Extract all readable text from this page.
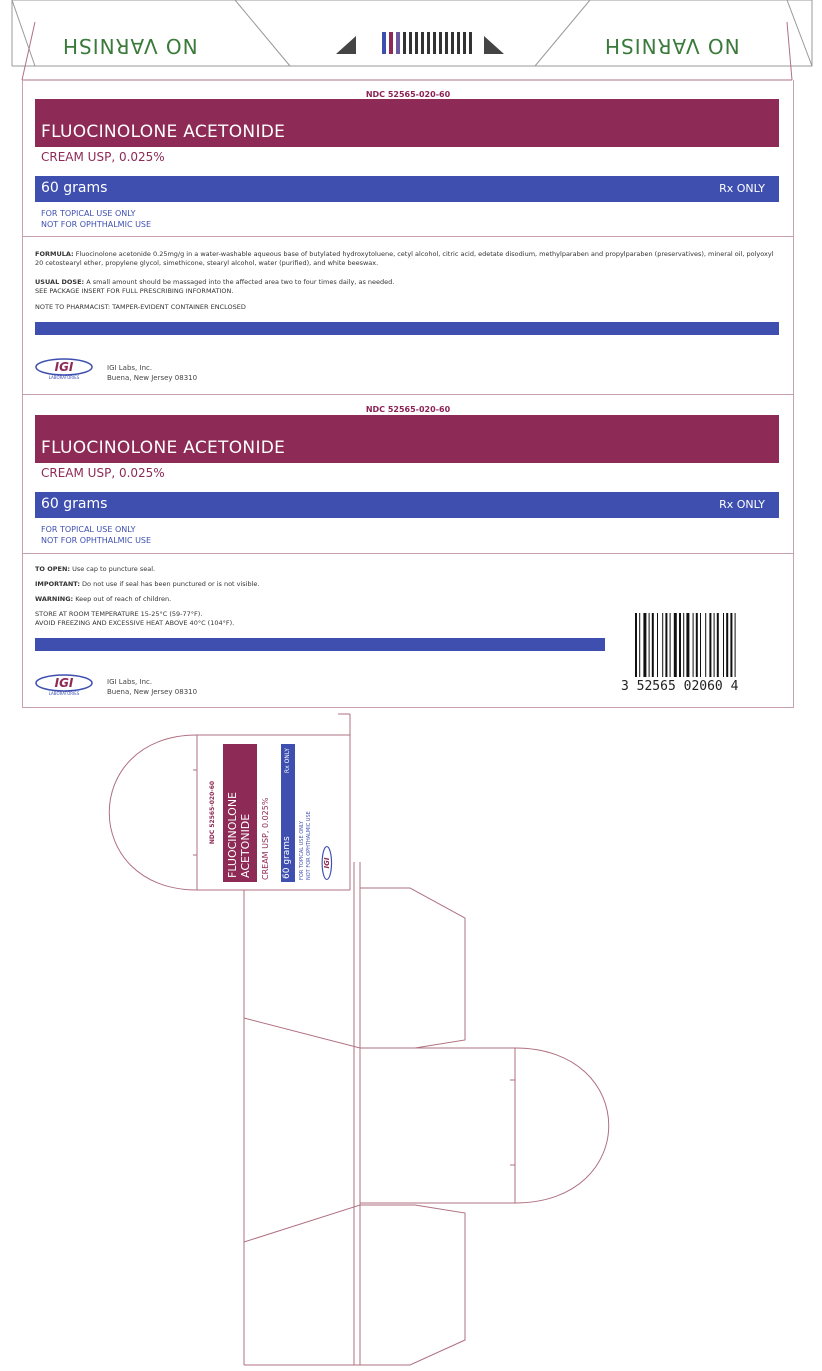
NO VARNISH	NO VARNISH
NDC 52565-020-60
FLUOCINOLONE ACETONIDE
CREAM USP, 0.025%
60 grams	Rx ONLY
FOR TOPICAL USE ONLY
NOT FOR OPHTHALMIC USE
FORMULA: Fluocinolone acetonide 0.25mg/g in a water-washable aqueous base of butylated hydroxytoluene, cetyl alcohol, citric acid, edetate disodium, methylparaben and propylparaben (preservatives), mineral oil, polyoxyl 20 cetostearyl ether, propylene glycol, simethicone, stearyl alcohol, water (purified), and white beeswax.
USUAL DOSE: A small amount should be massaged into the affected area two to four times daily, as needed.
SEE PACKAGE INSERT FOR FULL PRESCRIBING INFORMATION.
NOTE TO PHARMACIST: TAMPER-EVIDENT CONTAINER ENCLOSED
IGI
LABORATORIES
IGI Labs, Inc.
Buena, New Jersey 08310
NDC 52565-020-60
FLUOCINOLONE ACETONIDE
CREAM USP, 0.025%
60 grams	Rx ONLY
FOR TOPICAL USE ONLY
NOT FOR OPHTHALMIC USE
TO OPEN: Use cap to puncture seal.
IMPORTANT: Do not use if seal has been punctured or is not visible.
WARNING: Keep out of reach of children.
STORE AT ROOM TEMPERATURE 15-25°C (59-77°F).
AVOID FREEZING AND EXCESSIVE HEAT ABOVE 40°C (104°F).
3 52565 02060 4
IGI
LABORATORIES
IGI Labs, Inc.
Buena, New Jersey 08310
NDC 52565-020-60 FLUOCINOLONE ACETONIDE CREAM USP, 0.025% 60 grams
Rx ONLY
FOR TOPICAL USE ONLY NOT FOR OPHTHALMIC USE IGI
